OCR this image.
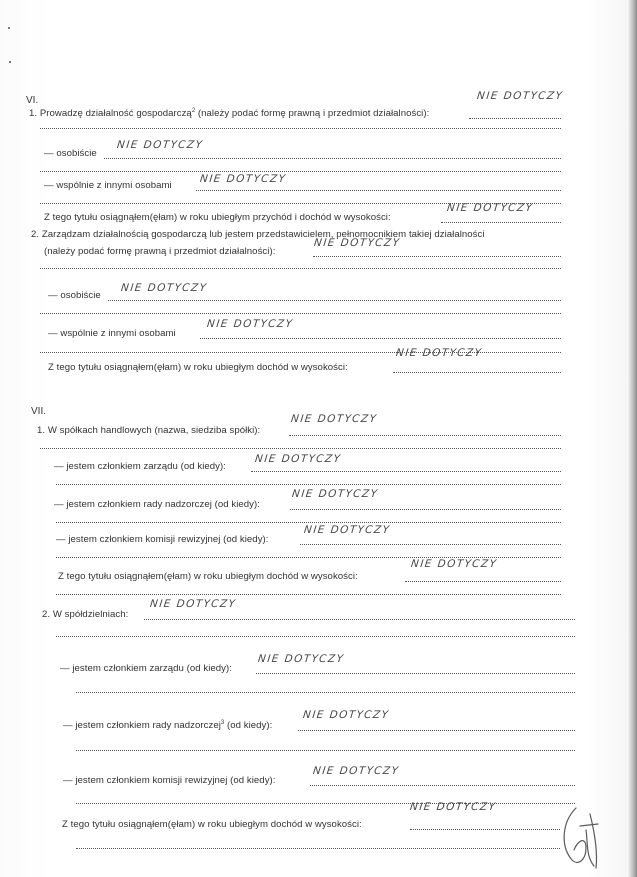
VI.
1. Prowadzę działalność gospodarczą$^2$ (należy podać formę prawną i przedmiot działalności):
NIE DOTYCZY
— osobiście
NIE DOTYCZY
— wspólnie z innymi osobami
NIE DOTYCZY
Z tego tytułu osiągnąłem(ęłam) w roku ubiegłym przychód i dochód w wysokości:
NIE DOTYCZY
2. Zarządzam działalnością gospodarczą lub jestem przedstawicielem, pełnomocnikiem takiej działalności
(należy podać formę prawną i przedmiot działalności):
NIE DOTYCZY
— osobiście
NIE DOTYCZY
— wspólnie z innymi osobami
NIE DOTYCZY
Z tego tytułu osiągnąłem(ęłam) w roku ubiegłym dochód w wysokości:
NIE DOTYCZY
VII.
1. W spółkach handlowych (nazwa, siedziba spółki):
NIE DOTYCZY
— jestem członkiem zarządu (od kiedy):
NIE DOTYCZY
— jestem członkiem rady nadzorczej (od kiedy):
NIE DOTYCZY
— jestem członkiem komisji rewizyjnej (od kiedy):
NIE DOTYCZY
Z tego tytułu osiągnąłem(ęłam) w roku ubiegłym dochód w wysokości:
NIE DOTYCZY
2. W spółdzielniach:
NIE DOTYCZY
— jestem członkiem zarządu (od kiedy):
NIE DOTYCZY
— jestem członkiem rady nadzorczej$^3$ (od kiedy):
NIE DOTYCZY
— jestem członkiem komisji rewizyjnej (od kiedy):
NIE DOTYCZY
Z tego tytułu osiągnąłem(ęłam) w roku ubiegłym dochód w wysokości:
NIE DOTYCZY
